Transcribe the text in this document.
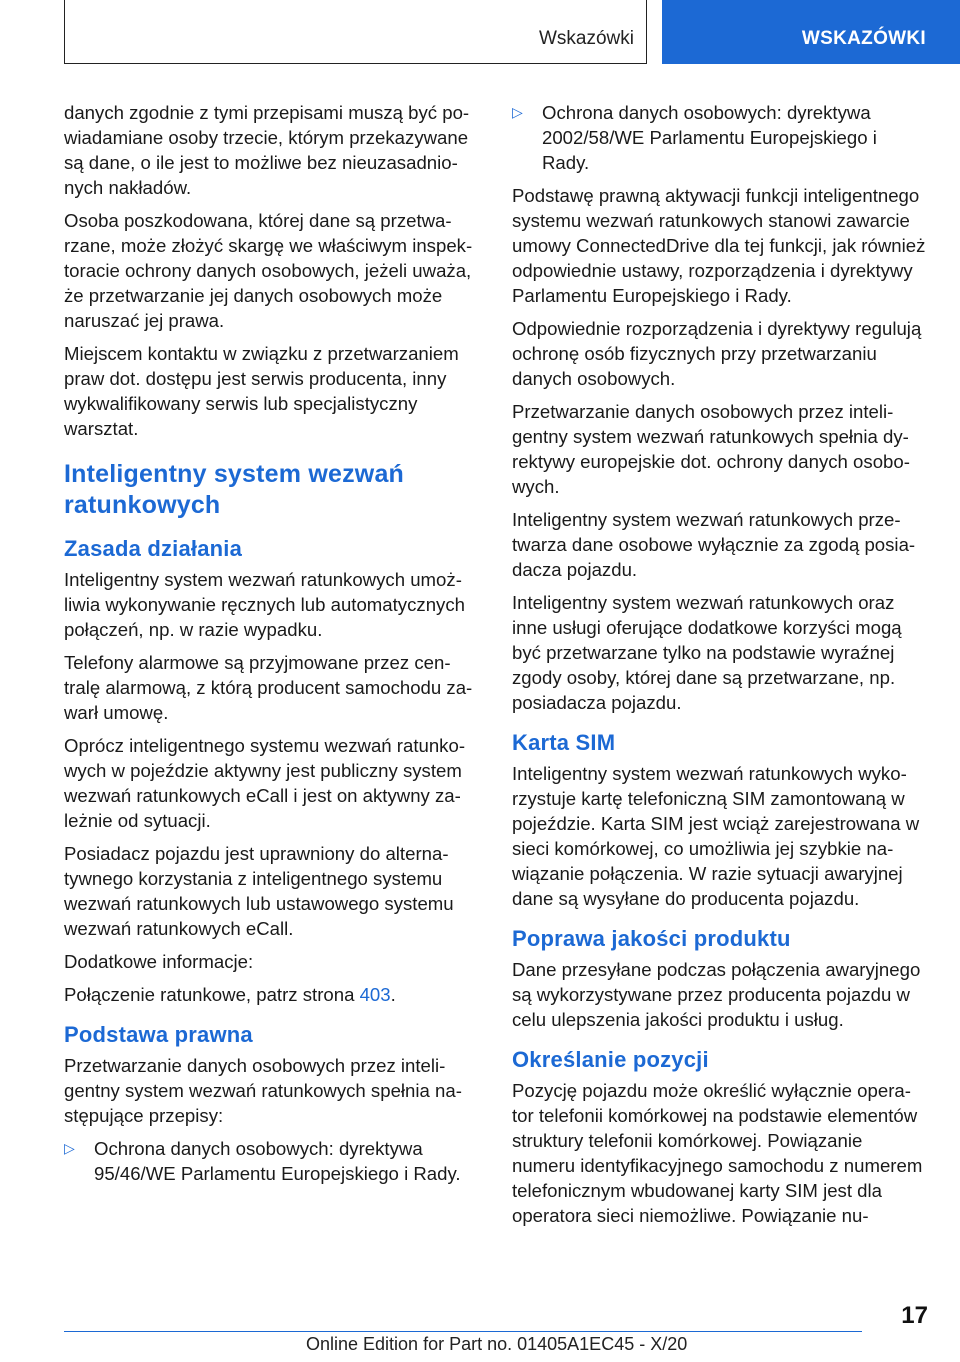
Wskazówki	WSKAZÓWKI

danych zgodnie z tymi przepisami muszą być powiadamiane osoby trzecie, którym przekazywane są dane, o ile jest to możliwe bez nieuzasadnionych nakładów.

Osoba poszkodowana, której dane są przetwarzane, może złożyć skargę we właściwym inspektoracie ochrony danych osobowych, jeżeli uważa, że przetwarzanie jej danych osobowych może naruszać jej prawa.

Miejscem kontaktu w związku z przetwarzaniem praw dot. dostępu jest serwis producenta, inny wykwalifikowany serwis lub specjalistyczny warsztat.

Inteligentny system wezwań ratunkowych
Zasada działania

Inteligentny system wezwań ratunkowych umożliwia wykonywanie ręcznych lub automatycznych połączeń, np. w razie wypadku.

Telefony alarmowe są przyjmowane przez centralę alarmową, z którą producent samochodu zawarł umowę.

Oprócz inteligentnego systemu wezwań ratunkowych w pojeździe aktywny jest publiczny system wezwań ratunkowych eCall i jest on aktywny zależnie od sytuacji.

Posiadacz pojazdu jest uprawniony do alternatywnego korzystania z inteligentnego systemu wezwań ratunkowych lub ustawowego systemu wezwań ratunkowych eCall.

Dodatkowe informacje:

Połączenie ratunkowe, patrz strona 403.

Podstawa prawna

Przetwarzanie danych osobowych przez inteligentny system wezwań ratunkowych spełnia następujące przepisy:

▷ Ochrona danych osobowych: dyrektywa 95/46/WE Parlamentu Europejskiego i Rady.
▷ Ochrona danych osobowych: dyrektywa 2002/58/WE Parlamentu Europejskiego i Rady.

Podstawę prawną aktywacji funkcji inteligentnego systemu wezwań ratunkowych stanowi zawarcie umowy ConnectedDrive dla tej funkcji, jak również odpowiednie ustawy, rozporządzenia i dyrektywy Parlamentu Europejskiego i Rady.

Odpowiednie rozporządzenia i dyrektywy regulują ochronę osób fizycznych przy przetwarzaniu danych osobowych.

Przetwarzanie danych osobowych przez inteligentny system wezwań ratunkowych spełnia dyrektywy europejskie dot. ochrony danych osobowych.

Inteligentny system wezwań ratunkowych przetwarza dane osobowe wyłącznie za zgodą posiadacza pojazdu.

Inteligentny system wezwań ratunkowych oraz inne usługi oferujące dodatkowe korzyści mogą być przetwarzane tylko na podstawie wyraźnej zgody osoby, której dane są przetwarzane, np. posiadacza pojazdu.

Karta SIM

Inteligentny system wezwań ratunkowych wykorzystuje kartę telefoniczną SIM zamontowaną w pojeździe. Karta SIM jest wciąż zarejestrowana w sieci komórkowej, co umożliwia jej szybkie nawiązanie połączenia. W razie sytuacji awaryjnej dane są wysyłane do producenta pojazdu.

Poprawa jakości produktu

Dane przesyłane podczas połączenia awaryjnego są wykorzystywane przez producenta pojazdu w celu ulepszenia jakości produktu i usług.

Określanie pozycji

Pozycję pojazdu może określić wyłącznie operator telefonii komórkowej na podstawie elementów struktury telefonii komórkowej. Powiązanie numeru identyfikacyjnego samochodu z numerem telefonicznym wbudowanej karty SIM jest dla operatora sieci niemożliwe. Powiązanie nu-

17
Online Edition for Part no. 01405A1EC45 - X/20
